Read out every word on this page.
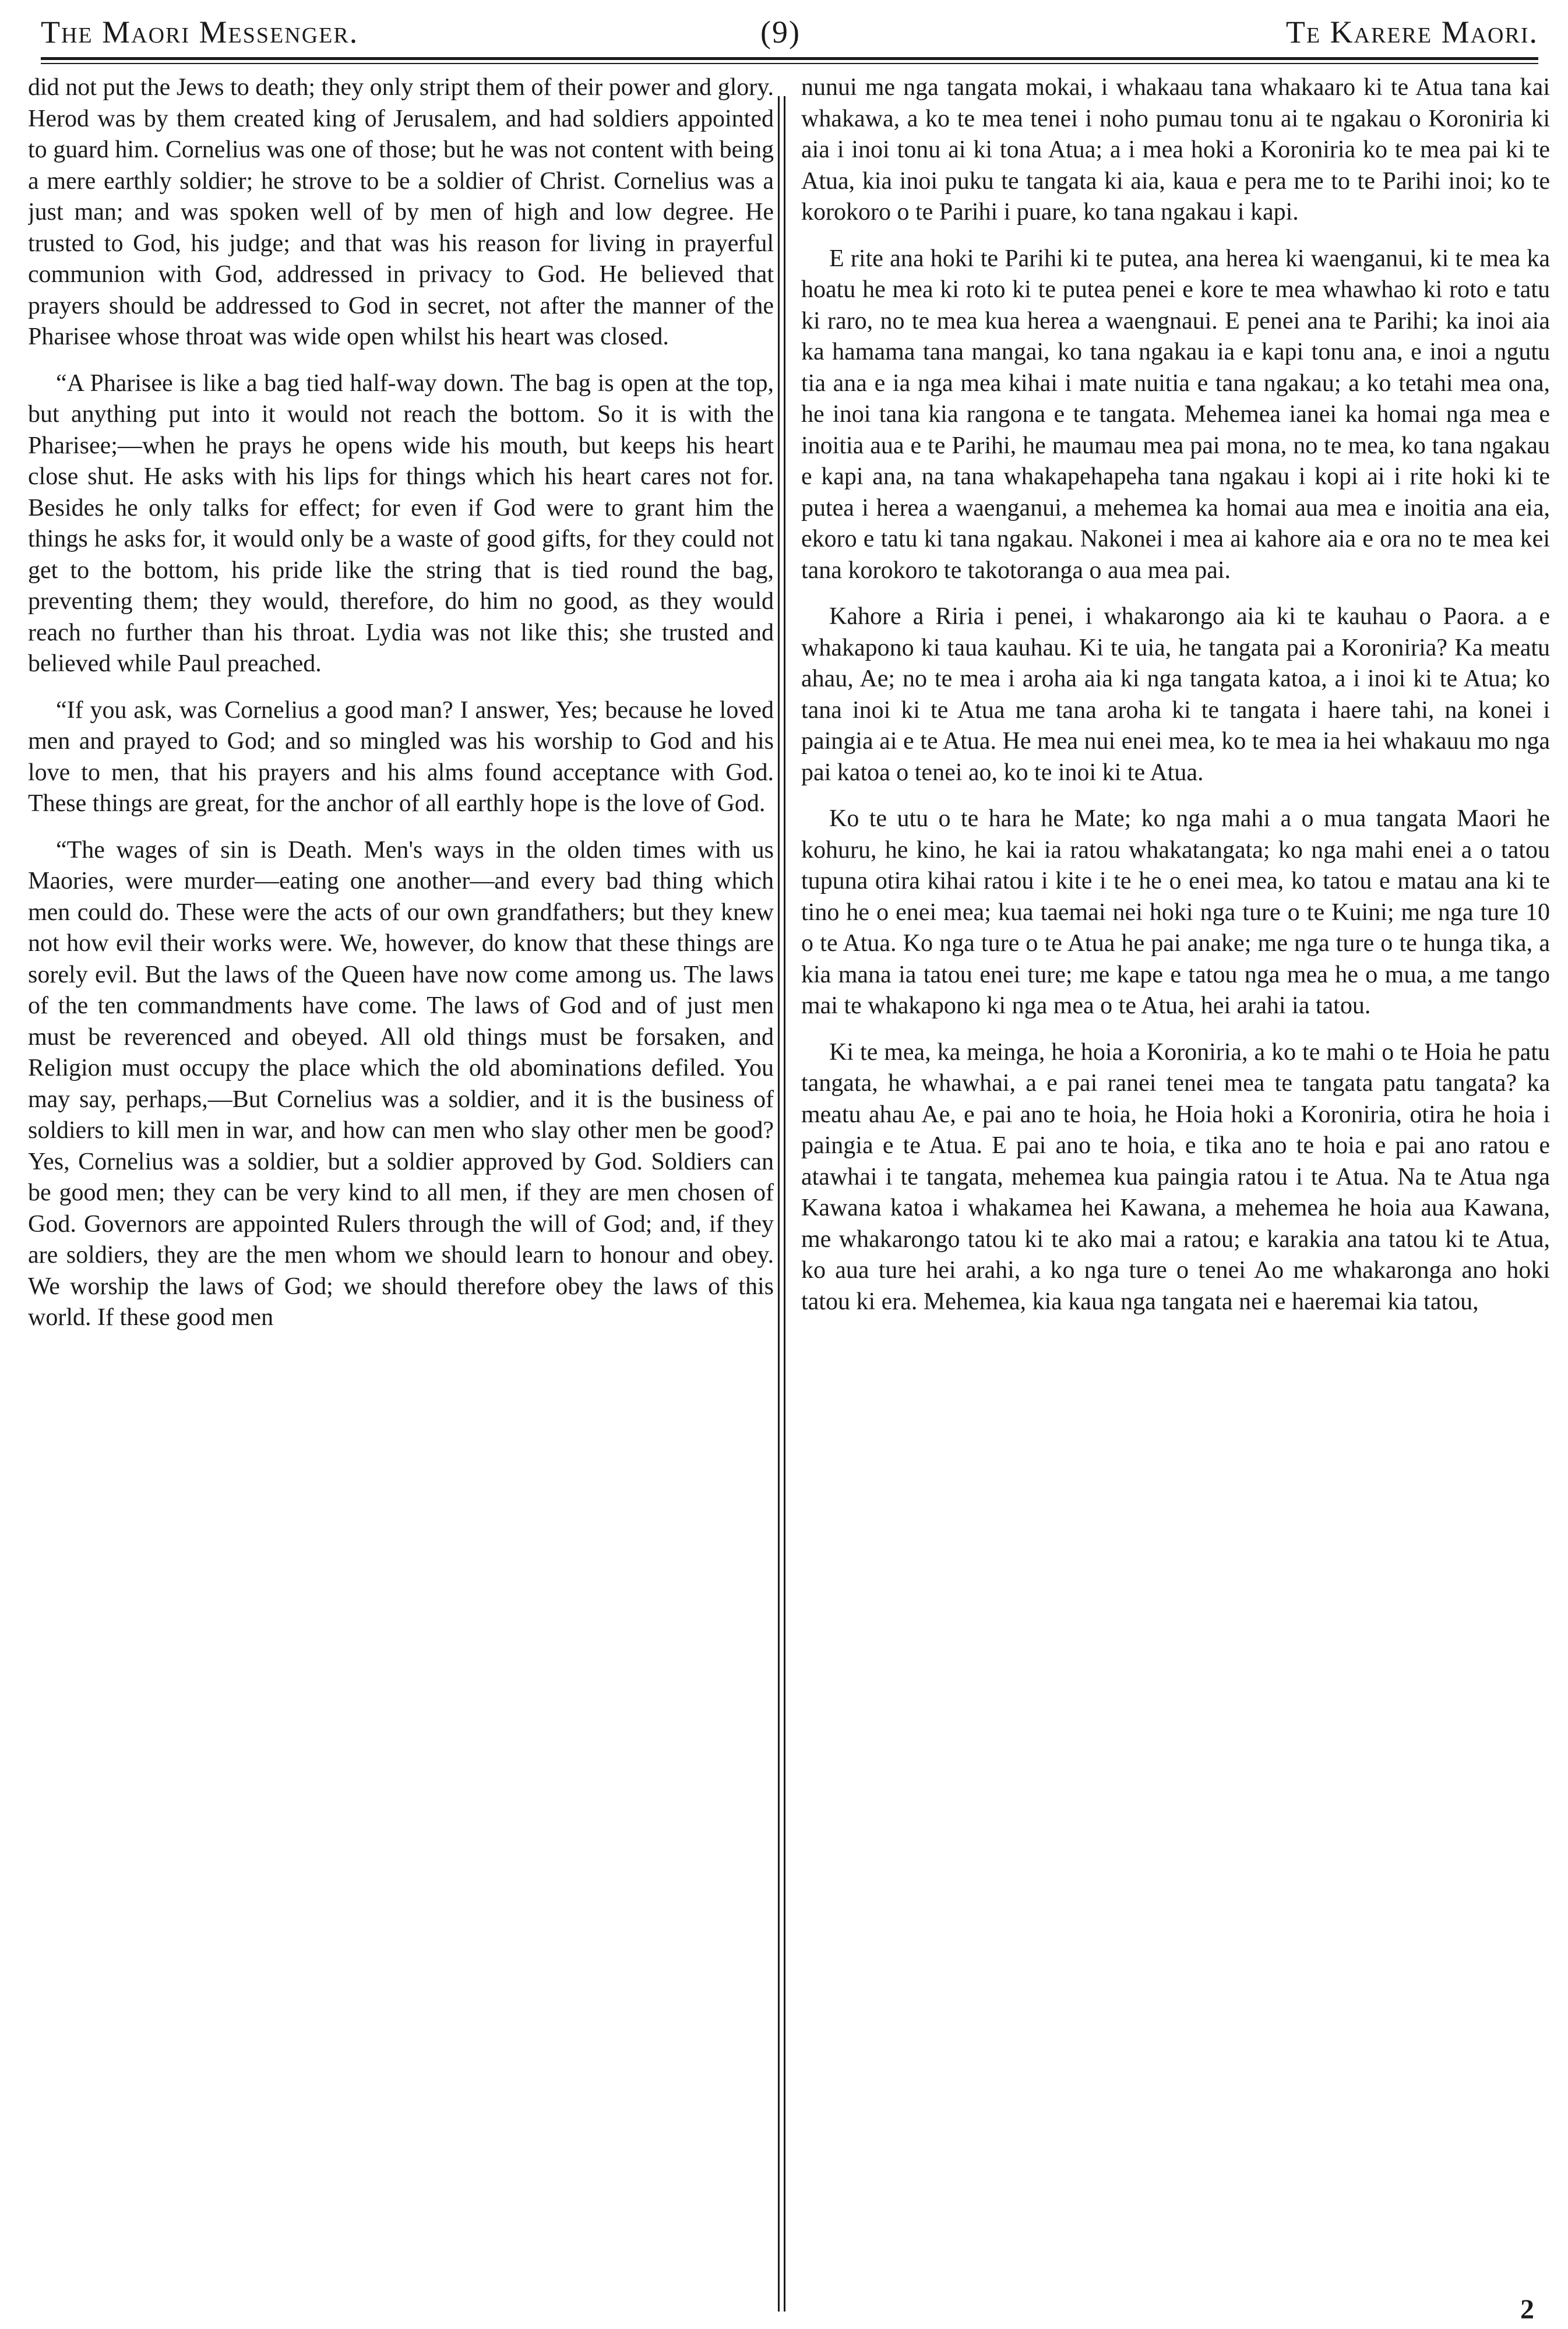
The Maori Messenger.	(9)	Te Karere Maori.

did not put the Jews to death; they only stript them of their power and glory. Herod was by them created king of Jerusalem, and had soldiers appointed to guard him. Cornelius was one of those; but he was not content with being a mere earthly soldier; he strove to be a soldier of Christ. Cornelius was a just man; and was spoken well of by men of high and low degree. He trusted to God, his judge; and that was his reason for living in prayerful communion with God, addressed in privacy to God. He believed that prayers should be addressed to God in secret, not after the manner of the Pharisee whose throat was wide open whilst his heart was closed.

“A Pharisee is like a bag tied half-way down. The bag is open at the top, but anything put into it would not reach the bottom. So it is with the Pharisee;—when he prays he opens wide his mouth, but keeps his heart close shut. He asks with his lips for things which his heart cares not for. Besides he only talks for effect; for even if God were to grant him the things he asks for, it would only be a waste of good gifts, for they could not get to the bottom, his pride like the string that is tied round the bag, preventing them; they would, therefore, do him no good, as they would reach no further than his throat. Lydia was not like this; she trusted and believed while Paul preached.

“If you ask, was Cornelius a good man? I answer, Yes; because he loved men and prayed to God; and so mingled was his worship to God and his love to men, that his prayers and his alms found acceptance with God. These things are great, for the anchor of all earthly hope is the love of God.

“The wages of sin is Death. Men's ways in the olden times with us Maories, were murder—eating one another—and every bad thing which men could do. These were the acts of our own grandfathers; but they knew not how evil their works were. We, however, do know that these things are sorely evil. But the laws of the Queen have now come among us. The laws of the ten commandments have come. The laws of God and of just men must be reverenced and obeyed. All old things must be forsaken, and Religion must occupy the place which the old abominations defiled. You may say, perhaps,—But Cornelius was a soldier, and it is the business of soldiers to kill men in war, and how can men who slay other men be good? Yes, Cornelius was a soldier, but a soldier approved by God. Soldiers can be good men; they can be very kind to all men, if they are men chosen of God. Governors are appointed Rulers through the will of God; and, if they are soldiers, they are the men whom we should learn to honour and obey. We worship the laws of God; we should therefore obey the laws of this world. If these good men

nunui me nga tangata mokai, i whakaau tana whakaaro ki te Atua tana kai whakawa, a ko te mea tenei i noho pumau tonu ai te ngakau o Koroniria ki aia i inoi tonu ai ki tona Atua; a i mea hoki a Koroniria ko te mea pai ki te Atua, kia inoi puku te tangata ki aia, kaua e pera me to te Parihi inoi; ko te korokoro o te Parihi i puare, ko tana ngakau i kapi.

E rite ana hoki te Parihi ki te putea, ana herea ki waenganui, ki te mea ka hoatu he mea ki roto ki te putea penei e kore te mea whawhao ki roto e tatu ki raro, no te mea kua herea a waengnaui. E penei ana te Parihi; ka inoi aia ka hamama tana mangai, ko tana ngakau ia e kapi tonu ana, e inoi a ngutu tia ana e ia nga mea kihai i mate nuitia e tana ngakau; a ko tetahi mea ona, he inoi tana kia rangona e te tangata. Mehemea ianei ka homai nga mea e inoitia aua e te Parihi, he maumau mea pai mona, no te mea, ko tana ngakau e kapi ana, na tana whakapehapeha tana ngakau i kopi ai i rite hoki ki te putea i herea a waenganui, a mehemea ka homai aua mea e inoitia ana eia, ekoro e tatu ki tana ngakau. Nakonei i mea ai kahore aia e ora no te mea kei tana korokoro te takotoranga o aua mea pai.

Kahore a Riria i penei, i whakarongo aia ki te kauhau o Paora. a e whakapono ki taua kauhau. Ki te uia, he tangata pai a Koroniria? Ka meatu ahau, Ae; no te mea i aroha aia ki nga tangata katoa, a i inoi ki te Atua; ko tana inoi ki te Atua me tana aroha ki te tangata i haere tahi, na konei i paingia ai e te Atua. He mea nui enei mea, ko te mea ia hei whakauu mo nga pai katoa o tenei ao, ko te inoi ki te Atua.

Ko te utu o te hara he Mate; ko nga mahi a o mua tangata Maori he kohuru, he kino, he kai ia ratou whakatangata; ko nga mahi enei a o tatou tupuna otira kihai ratou i kite i te he o enei mea, ko tatou e matau ana ki te tino he o enei mea; kua taemai nei hoki nga ture o te Kuini; me nga ture 10 o te Atua. Ko nga ture o te Atua he pai anake; me nga ture o te hunga tika, a kia mana ia tatou enei ture; me kape e tatou nga mea he o mua, a me tango mai te whakapono ki nga mea o te Atua, hei arahi ia tatou.

Ki te mea, ka meinga, he hoia a Koroniria, a ko te mahi o te Hoia he patu tangata, he whawhai, a e pai ranei tenei mea te tangata patu tangata? ka meatu ahau Ae, e pai ano te hoia, he Hoia hoki a Koroniria, otira he hoia i paingia e te Atua. E pai ano te hoia, e tika ano te hoia e pai ano ratou e atawhai i te tangata, mehemea kua paingia ratou i te Atua. Na te Atua nga Kawana katoa i whakamea hei Kawana, a mehemea he hoia aua Kawana, me whakarongo tatou ki te ako mai a ratou; e karakia ana tatou ki te Atua, ko aua ture hei arahi, a ko nga ture o tenei Ao me whakaronga ano hoki tatou ki era. Mehemea, kia kaua nga tangata nei e haeremai kia tatou,

2
